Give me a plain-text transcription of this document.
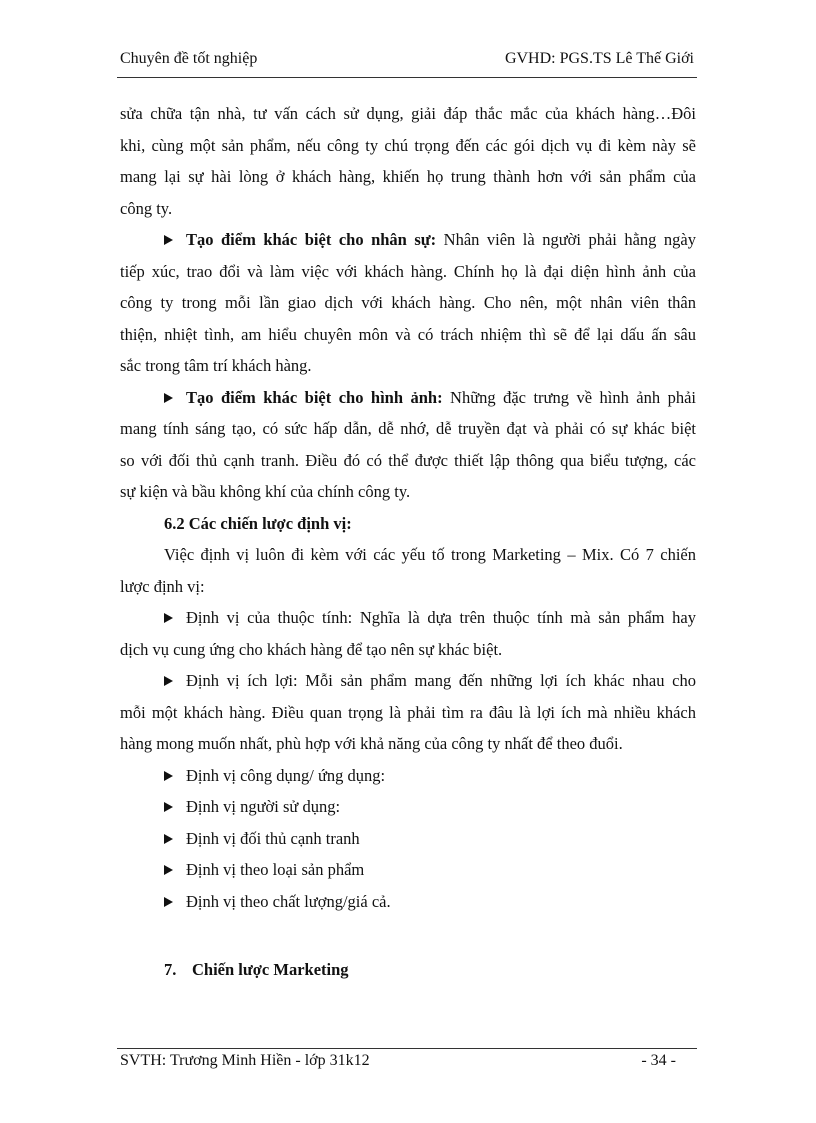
Chuyên đề tốt nghiệp	GVHD: PGS.TS Lê Thế Giới
sửa chữa tận nhà, tư vấn cách sử dụng, giải đáp thắc mắc của khách hàng…Đôi
khi, cùng một sản phẩm, nếu công ty chú trọng đến các gói dịch vụ đi kèm này sẽ
mang lại sự hài lòng ở khách hàng, khiến họ trung thành hơn với sản phẩm của
công ty.
Tạo điểm khác biệt cho nhân sự: Nhân viên là người phải hằng ngày
tiếp xúc, trao đổi và làm việc với khách hàng. Chính họ là đại diện hình ảnh của
công ty trong mỗi lần giao dịch với khách hàng. Cho nên, một nhân viên thân
thiện, nhiệt tình, am hiểu chuyên môn và có trách nhiệm thì sẽ để lại dấu ấn sâu
sắc trong tâm trí khách hàng.
Tạo điểm khác biệt cho hình ảnh: Những đặc trưng về hình ảnh phải
mang tính sáng tạo, có sức hấp dẫn, dễ nhớ, dễ truyền đạt và phải có sự khác biệt
so với đối thủ cạnh tranh. Điều đó có thể được thiết lập thông qua biểu tượng, các
sự kiện và bầu không khí của chính công ty.
6.2 Các chiến lược định vị:
Việc định vị luôn đi kèm với các yếu tố trong Marketing – Mix. Có 7 chiến
lược định vị:
Định vị của thuộc tính: Nghĩa là dựa trên thuộc tính mà sản phẩm hay
dịch vụ cung ứng cho khách hàng để tạo nên sự khác biệt.
Định vị ích lợi: Mỗi sản phẩm mang đến những lợi ích khác nhau cho
mỗi một khách hàng. Điều quan trọng là phải tìm ra đâu là lợi ích mà nhiều khách
hàng mong muốn nhất, phù hợp với khả năng của công ty nhất để theo đuổi.
Định vị công dụng/ ứng dụng:
Định vị người sử dụng:
Định vị đối thủ cạnh tranh
Định vị theo loại sản phẩm
Định vị theo chất lượng/giá cả.
7. Chiến lược Marketing
SVTH: Trương Minh Hiền - lớp 31k12	- 34 -
